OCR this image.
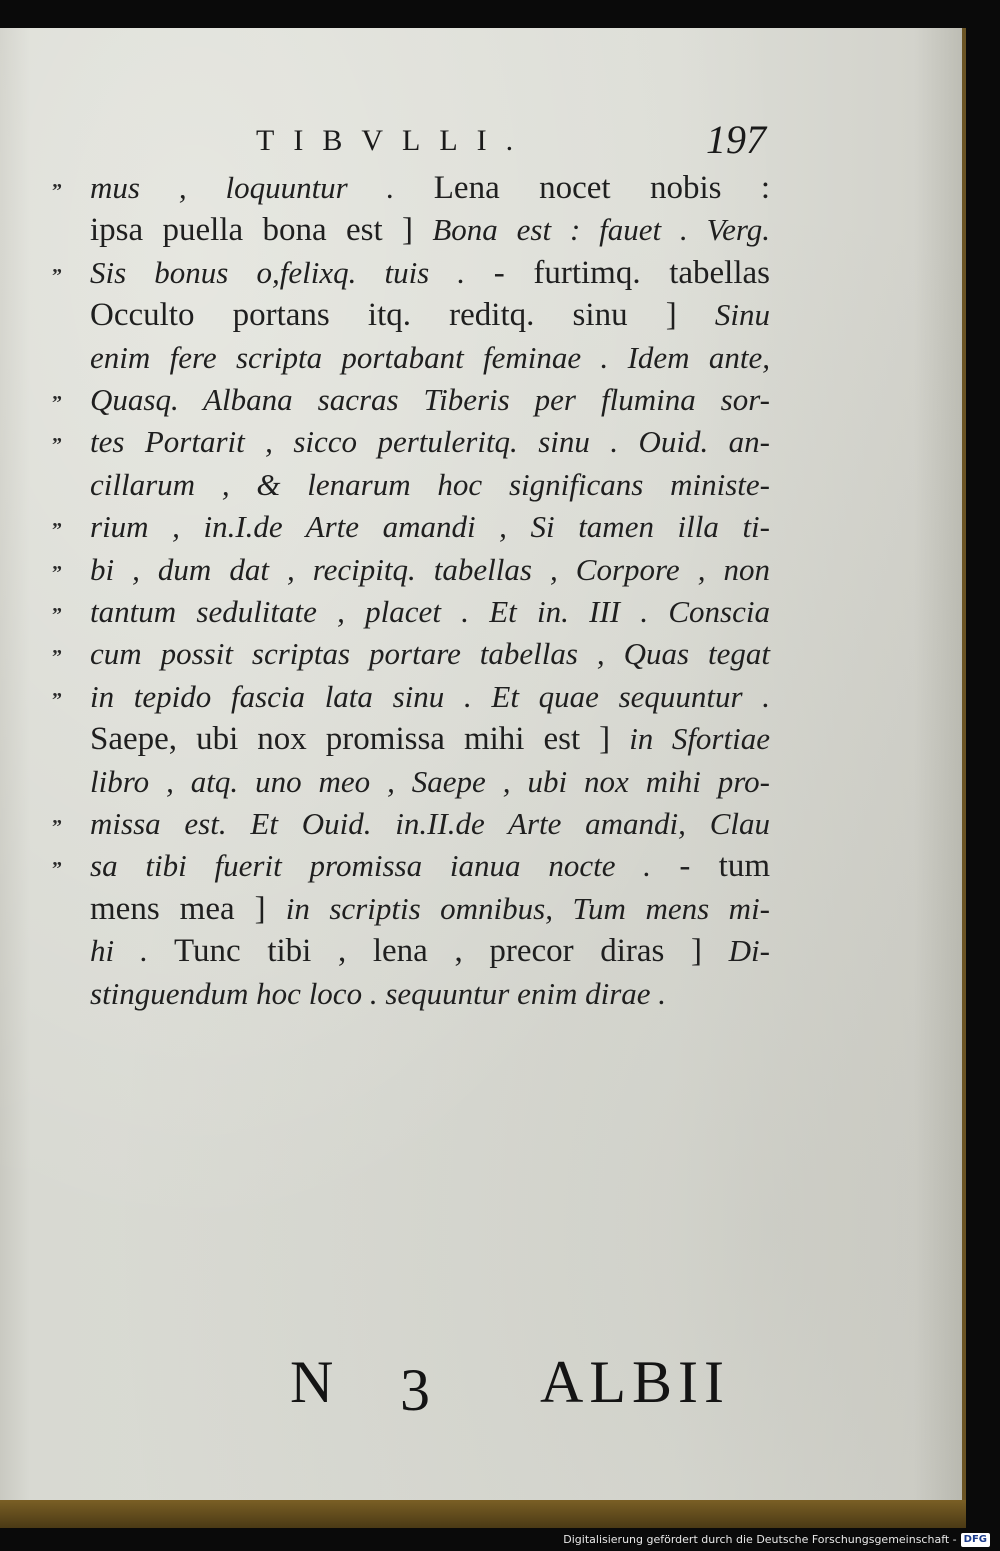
TIBVLLI.	197
” mus , loquuntur . Lena nocet nobis :
ipsa puella bona est ] Bona est : fauet . Verg.
” Sis bonus o,felixq. tuis . - furtimq. tabellas
Occulto portans itq. reditq. sinu ] Sinu
enim fere scripta portabant feminae . Idem ante,
” Quasq. Albana sacras Tiberis per flumina sor-
” tes Portarit , sicco pertuleritq. sinu . Ouid. an-
cillarum , & lenarum hoc significans ministe-
” rium , in.I.de Arte amandi , Si tamen illa ti-
” bi , dum dat , recipitq. tabellas , Corpore , non
” tantum sedulitate , placet . Et in. III . Conscia
” cum possit scriptas portare tabellas , Quas tegat
” in tepido fascia lata sinu . Et quae sequuntur .
Saepe, ubi nox promissa mihi est ] in Sfortiae
libro , atq. uno meo , Saepe , ubi nox mihi pro-
” missa est. Et Ouid. in.II.de Arte amandi, Clau
” sa tibi fuerit promissa ianua nocte . - tum
mens mea ] in scriptis omnibus, Tum mens mi-
hi . Tunc tibi , lena , precor diras ] Di-
stinguendum hoc loco . sequuntur enim dirae .
N 3 ALBII
Digitalisierung gefördert durch die Deutsche Forschungsgemeinschaft - DFG
